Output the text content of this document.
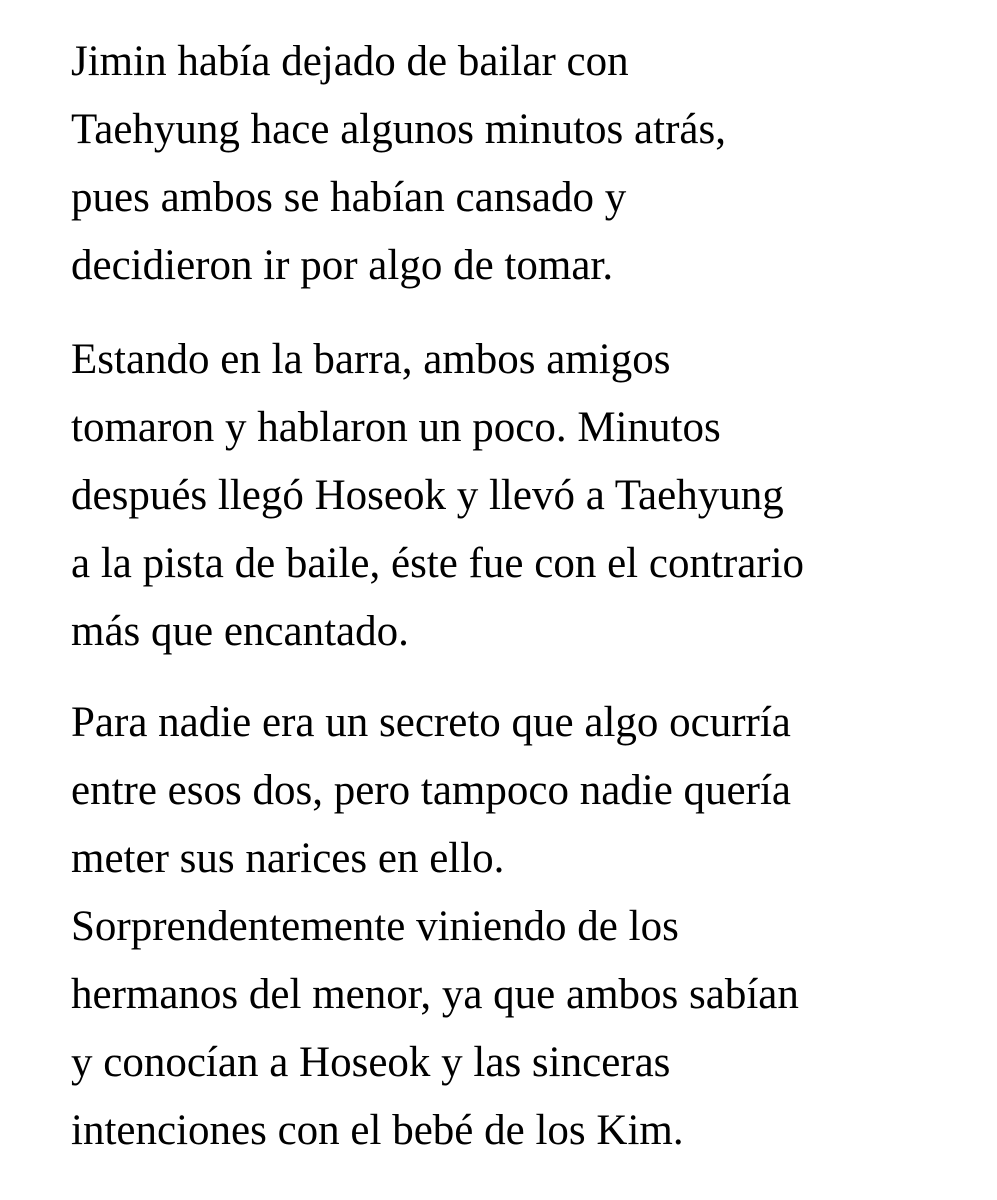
Jimin había dejado de bailar con
Taehyung hace algunos minutos atrás,
pues ambos se habían cansado y
decidieron ir por algo de tomar.

Estando en la barra, ambos amigos
tomaron y hablaron un poco. Minutos
después llegó Hoseok y llevó a Taehyung
a la pista de baile, éste fue con el contrario
más que encantado.

Para nadie era un secreto que algo ocurría
entre esos dos, pero tampoco nadie quería
meter sus narices en ello.
Sorprendentemente viniendo de los
hermanos del menor, ya que ambos sabían
y conocían a Hoseok y las sinceras
intenciones con el bebé de los Kim.
